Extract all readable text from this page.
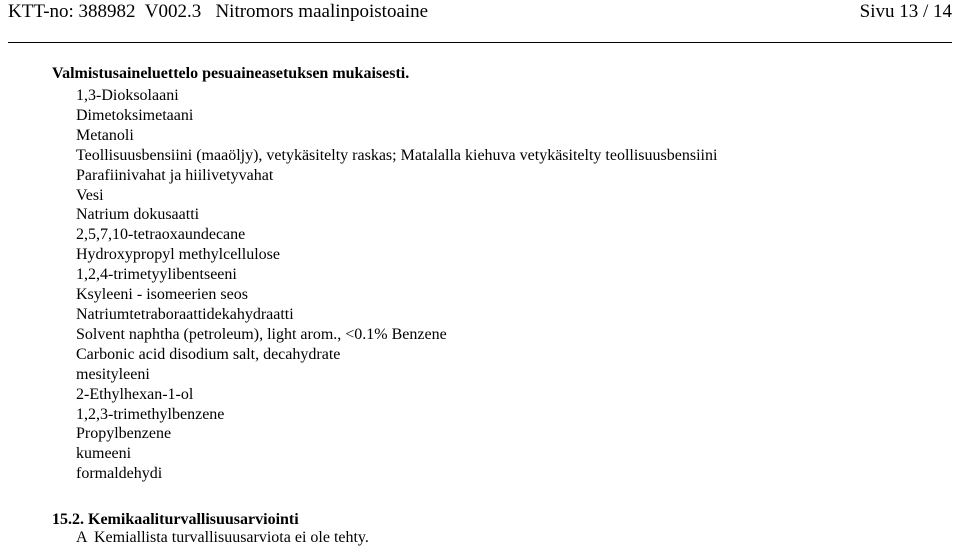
KTT-no: 388982 V002.3 Nitromors maalinpoistoaine	Sivu 13 / 14
Valmistusaineluettelo pesuaineasetuksen mukaisesti.
1,3-Dioksolaani
Dimetoksimetaani
Metanoli
Teollisuusbensiini (maaöljy), vetykäsitelty raskas; Matalalla kiehuva vetykäsitelty teollisuusbensiini
Parafiinivahat ja hiilivetyvahat
Vesi
Natrium dokusaatti
2,5,7,10-tetraoxaundecane
Hydroxypropyl methylcellulose
1,2,4-trimetyylibentseeni
Ksyleeni - isomeerien seos
Natriumtetraboraattidekahydraatti
Solvent naphtha (petroleum), light arom., <0.1% Benzene
Carbonic acid disodium salt, decahydrate
mesityleeni
2-Ethylhexan-1-ol
1,2,3-trimethylbenzene
Propylbenzene
kumeeni
formaldehydi
15.2. Kemikaaliturvallisuusarviointi
A Kemiallista turvallisuusarviota ei ole tehty.
